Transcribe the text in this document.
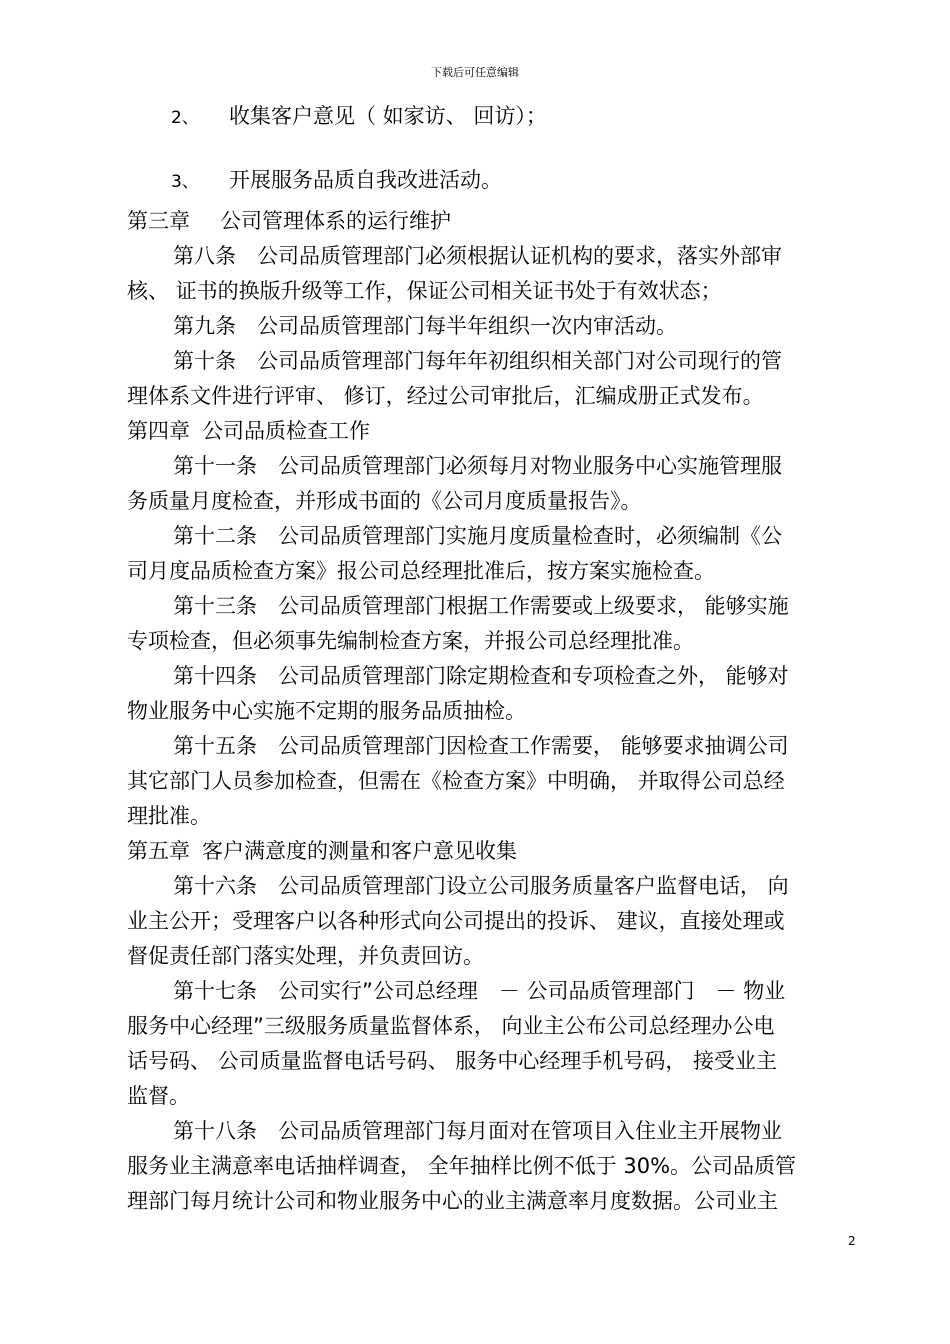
下载后可任意编辑
2、 收集客户意见（ 如家访、 回访）；
3、 开展服务品质自我改进活动。
第三章 公司管理体系的运行维护
第八条　公司品质管理部门必须根据认证机构的要求，落实外部审
核、 证书的换版升级等工作，保证公司相关证书处于有效状态；
第九条　公司品质管理部门每半年组织一次内审活动。
第十条　公司品质管理部门每年年初组织相关部门对公司现行的管
理体系文件进行评审、 修订，经过公司审批后，汇编成册正式发布。
第四章 公司品质检查工作
第十一条　公司品质管理部门必须每月对物业服务中心实施管理服
务质量月度检查，并形成书面的《公司月度质量报告》。
第十二条　公司品质管理部门实施月度质量检查时，必须编制《公
司月度品质检查方案》报公司总经理批准后，按方案实施检查。
第十三条　公司品质管理部门根据工作需要或上级要求， 能够实施
专项检查，但必须事先编制检查方案，并报公司总经理批准。
第十四条　公司品质管理部门除定期检查和专项检查之外， 能够对
物业服务中心实施不定期的服务品质抽检。
第十五条　公司品质管理部门因检查工作需要， 能够要求抽调公司
其它部门人员参加检查，但需在《检查方案》中明确， 并取得公司总经
理批准。
第五章 客户满意度的测量和客户意见收集
第十六条　公司品质管理部门设立公司服务质量客户监督电话， 向
业主公开；受理客户以各种形式向公司提出的投诉、 建议，直接处理或
督促责任部门落实处理，并负责回访。
第十七条　公司实行”公司总经理　－ 公司品质管理部门　－ 物业
服务中心经理”三级服务质量监督体系， 向业主公布公司总经理办公电
话号码、 公司质量监督电话号码、 服务中心经理手机号码， 接受业主
监督。
第十八条　公司品质管理部门每月面对在管项目入住业主开展物业
服务业主满意率电话抽样调查， 全年抽样比例不低于 30%。公司品质管
理部门每月统计公司和物业服务中心的业主满意率月度数据。公司业主
2
